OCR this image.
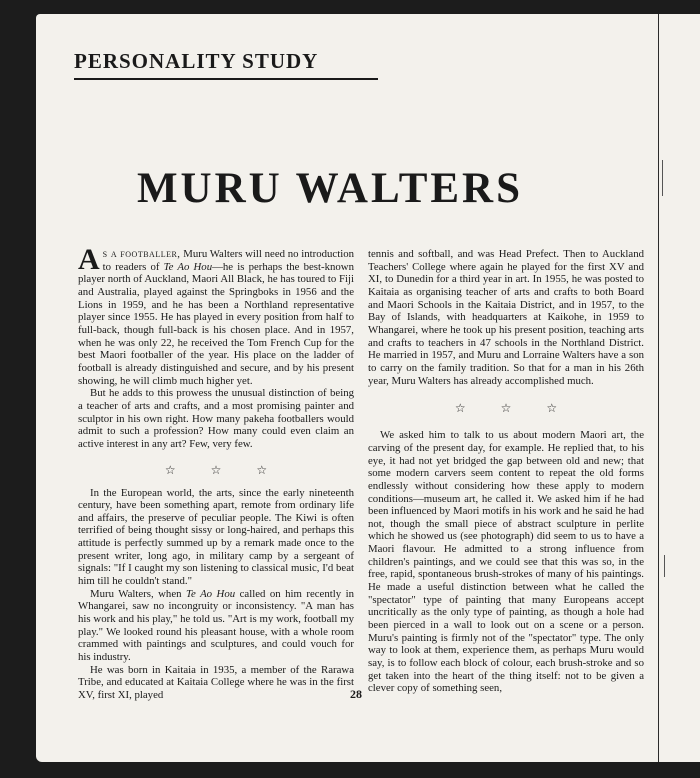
PERSONALITY STUDY
MURU WALTERS

As a footballer, Muru Walters will need no introduction to readers of Te Ao Hou—he is perhaps the best-known player north of Auckland, Maori All Black, he has toured to Fiji and Australia, played against the Springboks in 1956 and the Lions in 1959, and he has been a Northland representative player since 1955. He has played in every position from half to full-back, though full-back is his chosen place. And in 1957, when he was only 22, he received the Tom French Cup for the best Maori footballer of the year. His place on the ladder of football is already distinguished and secure, and by his present showing, he will climb much higher yet.

But he adds to this prowess the unusual distinction of being a teacher of arts and crafts, and a most promising painter and sculptor in his own right. How many pakeha footballers would admit to such a profession? How many could even claim an active interest in any art? Few, very few.

☆ ☆ ☆

In the European world, the arts, since the early nineteenth century, have been something apart, remote from ordinary life and affairs, the preserve of peculiar people. The Kiwi is often terrified of being thought sissy or long-haired, and perhaps this attitude is perfectly summed up by a remark made once to the present writer, long ago, in military camp by a sergeant of signals: "If I caught my son listening to classical music, I'd beat him till he couldn't stand."

Muru Walters, when Te Ao Hou called on him recently in Whangarei, saw no incongruity or inconsistency. "A man has his work and his play," he told us. "Art is my work, football my play." We looked round his pleasant house, with a whole room crammed with paintings and sculptures, and could vouch for his industry.

He was born in Kaitaia in 1935, a member of the Rarawa Tribe, and educated at Kaitaia College where he was in the first XV, first XI, played

tennis and softball, and was Head Prefect. Then to Auckland Teachers' College where again he played for the first XV and XI, to Dunedin for a third year in art. In 1955, he was posted to Kaitaia as organising teacher of arts and crafts to both Board and Maori Schools in the Kaitaia District, and in 1957, to the Bay of Islands, with headquarters at Kaikohe, in 1959 to Whangarei, where he took up his present position, teaching arts and crafts to teachers in 47 schools in the Northland District. He married in 1957, and Muru and Lorraine Walters have a son to carry on the family tradition. So that for a man in his 26th year, Muru Walters has already accomplished much.

☆ ☆ ☆

We asked him to talk to us about modern Maori art, the carving of the present day, for example. He replied that, to his eye, it had not yet bridged the gap between old and new; that some modern carvers seem content to repeat the old forms endlessly without considering how these apply to modern conditions—museum art, he called it. We asked him if he had been influenced by Maori motifs in his work and he said he had not, though the small piece of abstract sculpture in perlite which he showed us (see photograph) did seem to us to have a Maori flavour. He admitted to a strong influence from children's paintings, and we could see that this was so, in the free, rapid, spontaneous brush-strokes of many of his paintings. He made a useful distinction between what he called the "spectator" type of painting that many Europeans accept uncritically as the only type of painting, as though a hole had been pierced in a wall to look out on a scene or a person. Muru's painting is firmly not of the "spectator" type. The only way to look at them, experience them, as perhaps Muru would say, is to follow each block of colour, each brush-stroke and so get taken into the heart of the thing itself: not to be given a clever copy of something seen,

28
